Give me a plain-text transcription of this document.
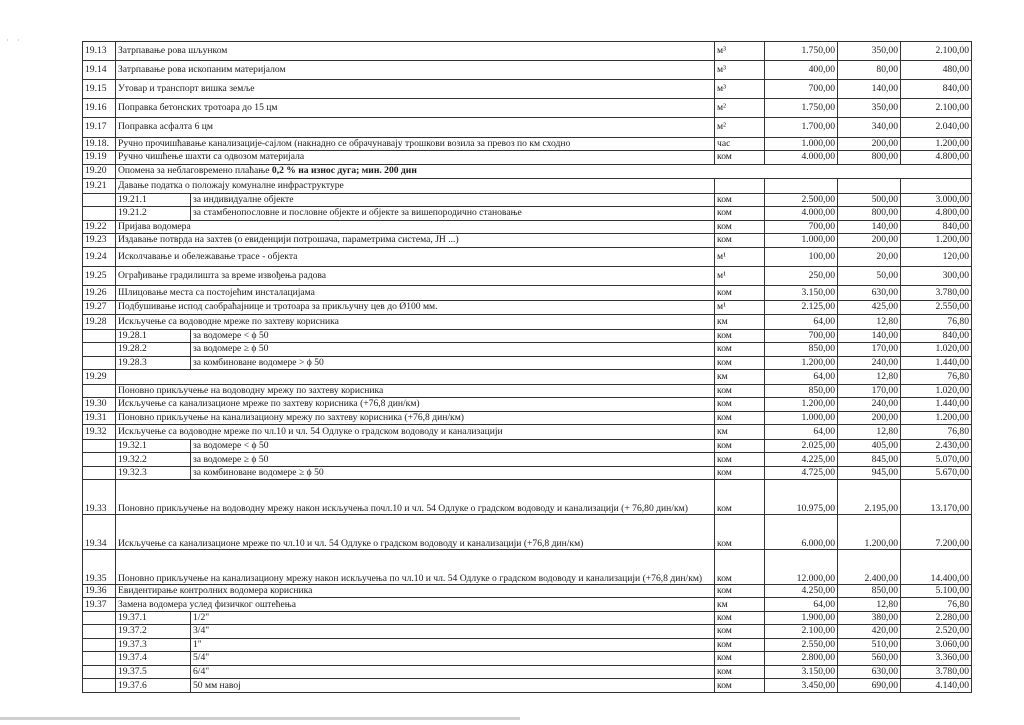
· ·
19.13	Затрпавање рова шљунком		м³	1.750,00	350,00	2.100,00
19.14	Затрпавање рова ископаним материјалом		м³	400,00	80,00	480,00
19.15	Утовар и транспорт вишка земље		м³	700,00	140,00	840,00
19.16	Поправка бетонских тротоара до 15 цм		м²	1.750,00	350,00	2.100,00
19.17	Поправка асфалта 6 цм		м²	1.700,00	340,00	2.040,00
19.18.	Ручно прочишћавање канализације-сајлом (накнадно се обрачунавају трошкови возила за превоз по км сходно		час	1.000,00	200,00	1.200,00
19.19	Ручно чишћење шахти са одвозом материјала		ком	4.000,00	800,00	4.800,00
19.20	Опомена за неблаговремено плаћање 0,2 % на износ дуга; мин. 200 дин					
19.21	Давање податка о положају комуналне инфраструктуре					
	19.21.1	за индивидуалне објекте	ком	2.500,00	500,00	3.000,00
	19.21.2	за стамбенопословне и пословне објекте и објекте за вишепородично становање	ком	4.000,00	800,00	4.800,00
19.22	Пријава водомера		ком	700,00	140,00	840,00
19.23	Издавање потврда на захтев (о евиденцији потрошача, параметрима система, ЈН ...)		ком	1.000,00	200,00	1.200,00
19.24	Исколчавање и обележавање трасе - објекта		м¹	100,00	20,00	120,00
19.25	Ограђивање градилишта за време извођења радова		м¹	250,00	50,00	300,00
19.26	Шлицовање места са постојећим инсталацијама		ком	3.150,00	630,00	3.780,00
19.27	Подбушивање испод саобраћајнице и тротоара за прикључну цев до Ø100 мм.		м¹	2.125,00	425,00	2.550,00
19.28	Искључење са водоводне мреже по захтеву корисника		км	64,00	12,80	76,80
	19.28.1	за водомере < ϕ 50	ком	700,00	140,00	840,00
	19.28.2	за водомере ≥ ϕ 50	ком	850,00	170,00	1.020,00
	19.28.3	за комбиноване водомере > ϕ 50	ком	1.200,00	240,00	1.440,00
19.29			км	64,00	12,80	76,80
	Поновно прикључење на водоводну мрежу по захтеву корисника		ком	850,00	170,00	1.020,00
19.30	Искључење са канализационе мреже по захтеву корисника (+76,8 дин/км)		ком	1.200,00	240,00	1.440,00
19.31	Поновно прикључење на канализациону мрежу по захтеву корисника (+76,8 дин/км)		ком	1.000,00	200,00	1.200,00
19.32	Искључење са водоводне мреже по чл.10 и чл. 54 Одлуке о градском водоводу и канализацији		км	64,00	12,80	76,80
	19.32.1	за водомере < ϕ 50	ком	2.025,00	405,00	2.430,00
	19.32.2	за водомере ≥ ϕ 50	ком	4.225,00	845,00	5.070,00
	19.32.3	за комбиноване водомере ≥ ϕ 50	ком	4.725,00	945,00	5.670,00
19.33	Поновно прикључење на водоводну мрежу након искључења почл.10 и чл. 54 Одлуке о градском водоводу и канализацији (+ 76,80 дин/км)		ком	10.975,00	2.195,00	13.170,00
19.34	Искључење са канализационе мреже по чл.10 и чл. 54 Одлуке о градском водоводу и канализацији (+76,8 дин/км)		ком	6.000,00	1.200,00	7.200,00
19.35	Поновно прикључење на канализациону мрежу након искључења по чл.10 и чл. 54 Одлуке о градском водоводу и канализацији (+76,8 дин/км)		ком	12.000,00	2.400,00	14.400,00
19.36	Евидентирање контролних водомера корисника		ком	4.250,00	850,00	5.100,00
19.37	Замена водомера услед физичког оштећења		км	64,00	12,80	76,80
	19.37.1	1/2"	ком	1.900,00	380,00	2.280,00
	19.37.2	3/4"	ком	2.100,00	420,00	2.520,00
	19.37.3	1"	ком	2.550,00	510,00	3.060,00
	19.37.4	5/4"	ком	2.800,00	560,00	3.360,00
	19.37.5	6/4"	ком	3.150,00	630,00	3.780,00
	19.37.6	50 мм навој	ком	3.450,00	690,00	4.140,00
